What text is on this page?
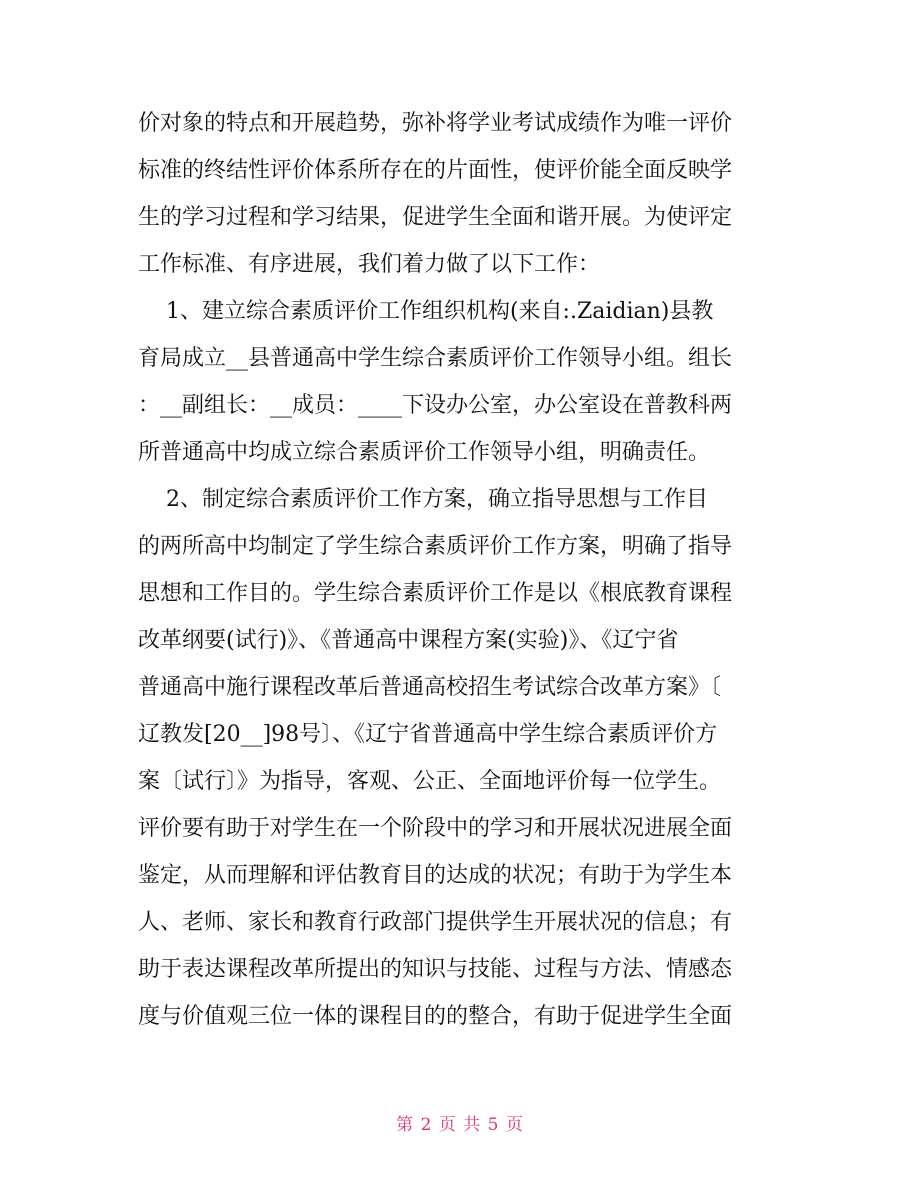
价对象的特点和开展趋势，弥补将学业考试成绩作为唯一评价
标准的终结性评价体系所存在的片面性，使评价能全面反映学
生的学习过程和学习结果，促进学生全面和谐开展。为使评定
工作标准、有序进展，我们着力做了以下工作：
1、建立综合素质评价工作组织机构(来自:.Zaidian)县教
育局成立__县普通高中学生综合素质评价工作领导小组。组长
：__副组长：__成员：____下设办公室，办公室设在普教科两
所普通高中均成立综合素质评价工作领导小组，明确责任。
2、制定综合素质评价工作方案，确立指导思想与工作目
的两所高中均制定了学生综合素质评价工作方案，明确了指导
思想和工作目的。学生综合素质评价工作是以《根底教育课程
改革纲要(试行)》、《普通高中课程方案(实验)》、《辽宁省
普通高中施行课程改革后普通高校招生考试综合改革方案》〔
辽教发[20__]98号〕、《辽宁省普通高中学生综合素质评价方
案〔试行〕》为指导，客观、公正、全面地评价每一位学生。
评价要有助于对学生在一个阶段中的学习和开展状况进展全面
鉴定，从而理解和评估教育目的达成的状况；有助于为学生本
人、老师、家长和教育行政部门提供学生开展状况的信息；有
助于表达课程改革所提出的知识与技能、过程与方法、情感态
度与价值观三位一体的课程目的的整合，有助于促进学生全面
第 2 页 共 5 页
